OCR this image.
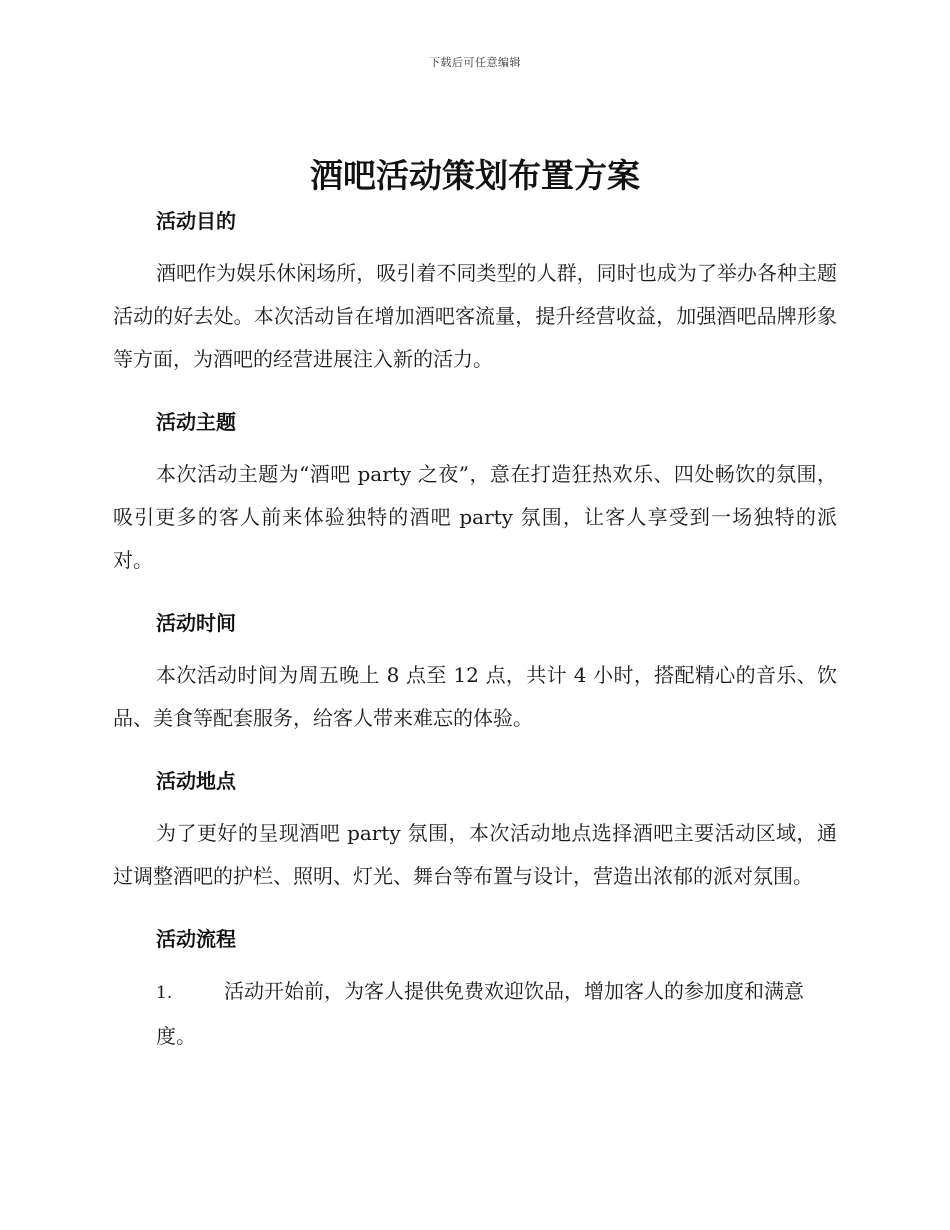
下载后可任意编辑
酒吧活动策划布置方案
活动目的

酒吧作为娱乐休闲场所，吸引着不同类型的人群，同时也成为了举办各种主题活动的好去处。本次活动旨在增加酒吧客流量，提升经营收益，加强酒吧品牌形象等方面，为酒吧的经营进展注入新的活力。

活动主题

本次活动主题为“酒吧 party 之夜”，意在打造狂热欢乐、四处畅饮的氛围，吸引更多的客人前来体验独特的酒吧 party 氛围，让客人享受到一场独特的派对。

活动时间

本次活动时间为周五晚上 8 点至 12 点，共计 4 小时，搭配精心的音乐、饮品、美食等配套服务，给客人带来难忘的体验。

活动地点

为了更好的呈现酒吧 party 氛围，本次活动地点选择酒吧主要活动区域，通过调整酒吧的护栏、照明、灯光、舞台等布置与设计，营造出浓郁的派对氛围。

活动流程
1.	活动开始前，为客人提供免费欢迎饮品，增加客人的参加度和满意度。
